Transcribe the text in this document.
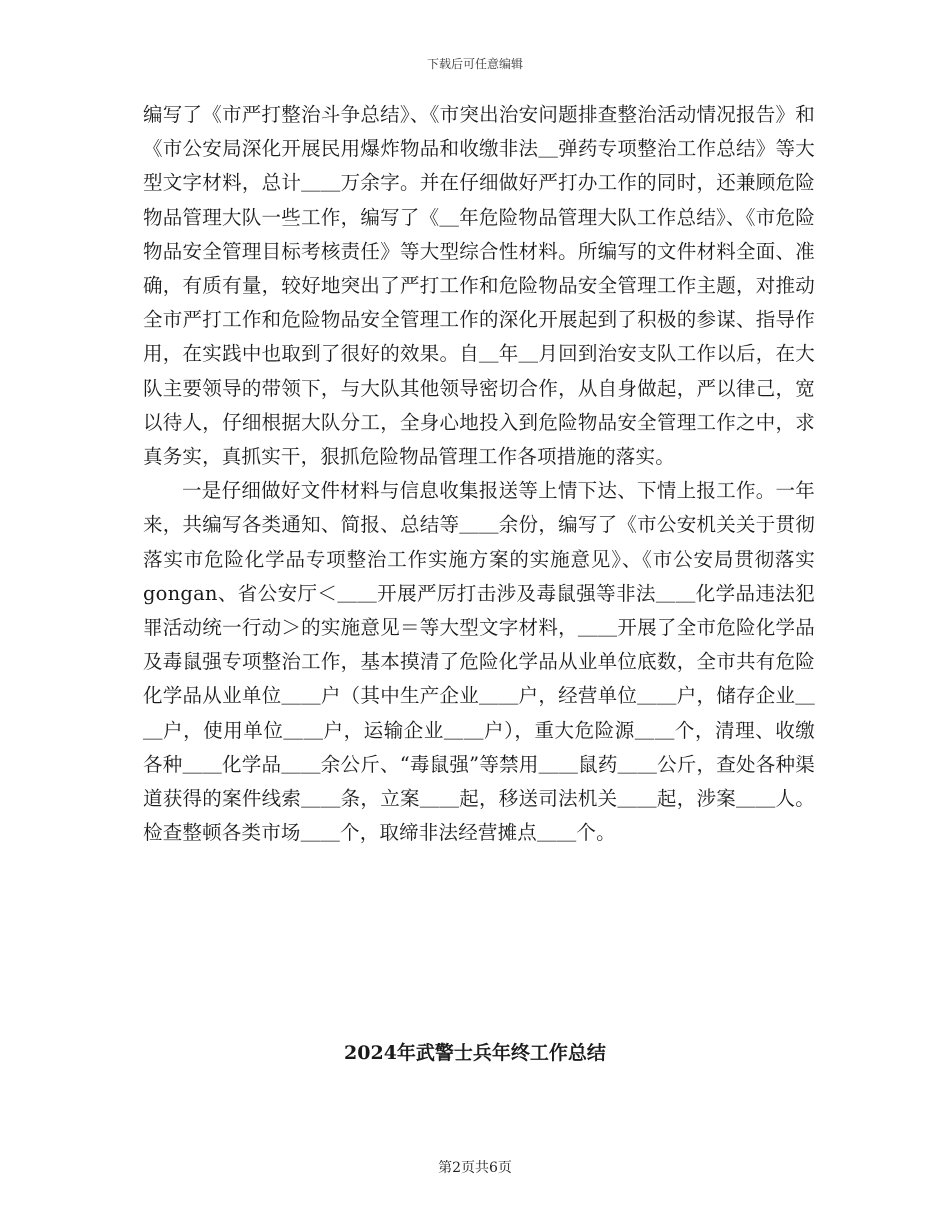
下载后可任意编辑

编写了《市严打整治斗争总结》、《市突出治安问题排查整治活动情况报告》和《市公安局深化开展民用爆炸物品和收缴非法＿弹药专项整治工作总结》等大型文字材料，总计＿＿万余字。并在仔细做好严打办工作的同时，还兼顾危险物品管理大队一些工作，编写了《＿年危险物品管理大队工作总结》、《市危险物品安全管理目标考核责任》等大型综合性材料。所编写的文件材料全面、准确，有质有量，较好地突出了严打工作和危险物品安全管理工作主题，对推动全市严打工作和危险物品安全管理工作的深化开展起到了积极的参谋、指导作用，在实践中也取到了很好的效果。自＿年＿月回到治安支队工作以后，在大队主要领导的带领下，与大队其他领导密切合作，从自身做起，严以律己，宽以待人，仔细根据大队分工，全身心地投入到危险物品安全管理工作之中，求真务实，真抓实干，狠抓危险物品管理工作各项措施的落实。

一是仔细做好文件材料与信息收集报送等上情下达、下情上报工作。一年来，共编写各类通知、简报、总结等＿＿余份，编写了《市公安机关关于贯彻落实市危险化学品专项整治工作实施方案的实施意见》、《市公安局贯彻落实gongan、省公安厅＜＿＿开展严厉打击涉及毒鼠强等非法＿＿化学品违法犯罪活动统一行动＞的实施意见＝等大型文字材料，＿＿开展了全市危险化学品及毒鼠强专项整治工作，基本摸清了危险化学品从业单位底数，全市共有危险化学品从业单位＿＿户（其中生产企业＿＿户，经营单位＿＿户，储存企业＿＿户，使用单位＿＿户，运输企业＿＿户），重大危险源＿＿个，清理、收缴各种＿＿化学品＿＿余公斤、“毒鼠强”等禁用＿＿鼠药＿＿公斤，查处各种渠道获得的案件线索＿＿条，立案＿＿起，移送司法机关＿＿起，涉案＿＿人。检查整顿各类市场＿＿个，取缔非法经营摊点＿＿个。

2024年武警士兵年终工作总结
第2页共6页
